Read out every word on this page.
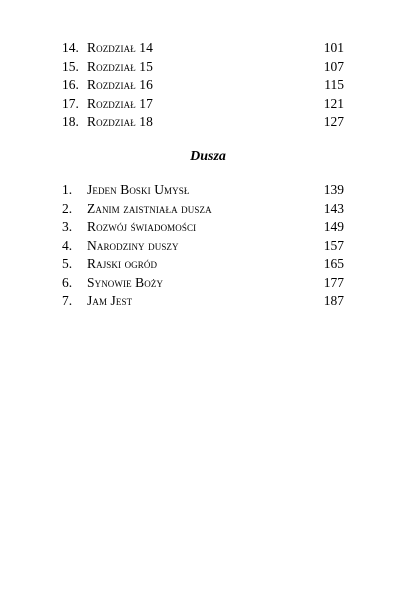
14. Rozdział 14	101
15. Rozdział 15	107
16. Rozdział 16	115
17. Rozdział 17	121
18. Rozdział 18	127
Dusza
1. Jeden Boski Umysł	139
2. Zanim zaistniała dusza	143
3. Rozwój świadomości	149
4. Narodziny duszy	157
5. Rajski ogród	165
6. Synowie Boży	177
7. Jam Jest	187
